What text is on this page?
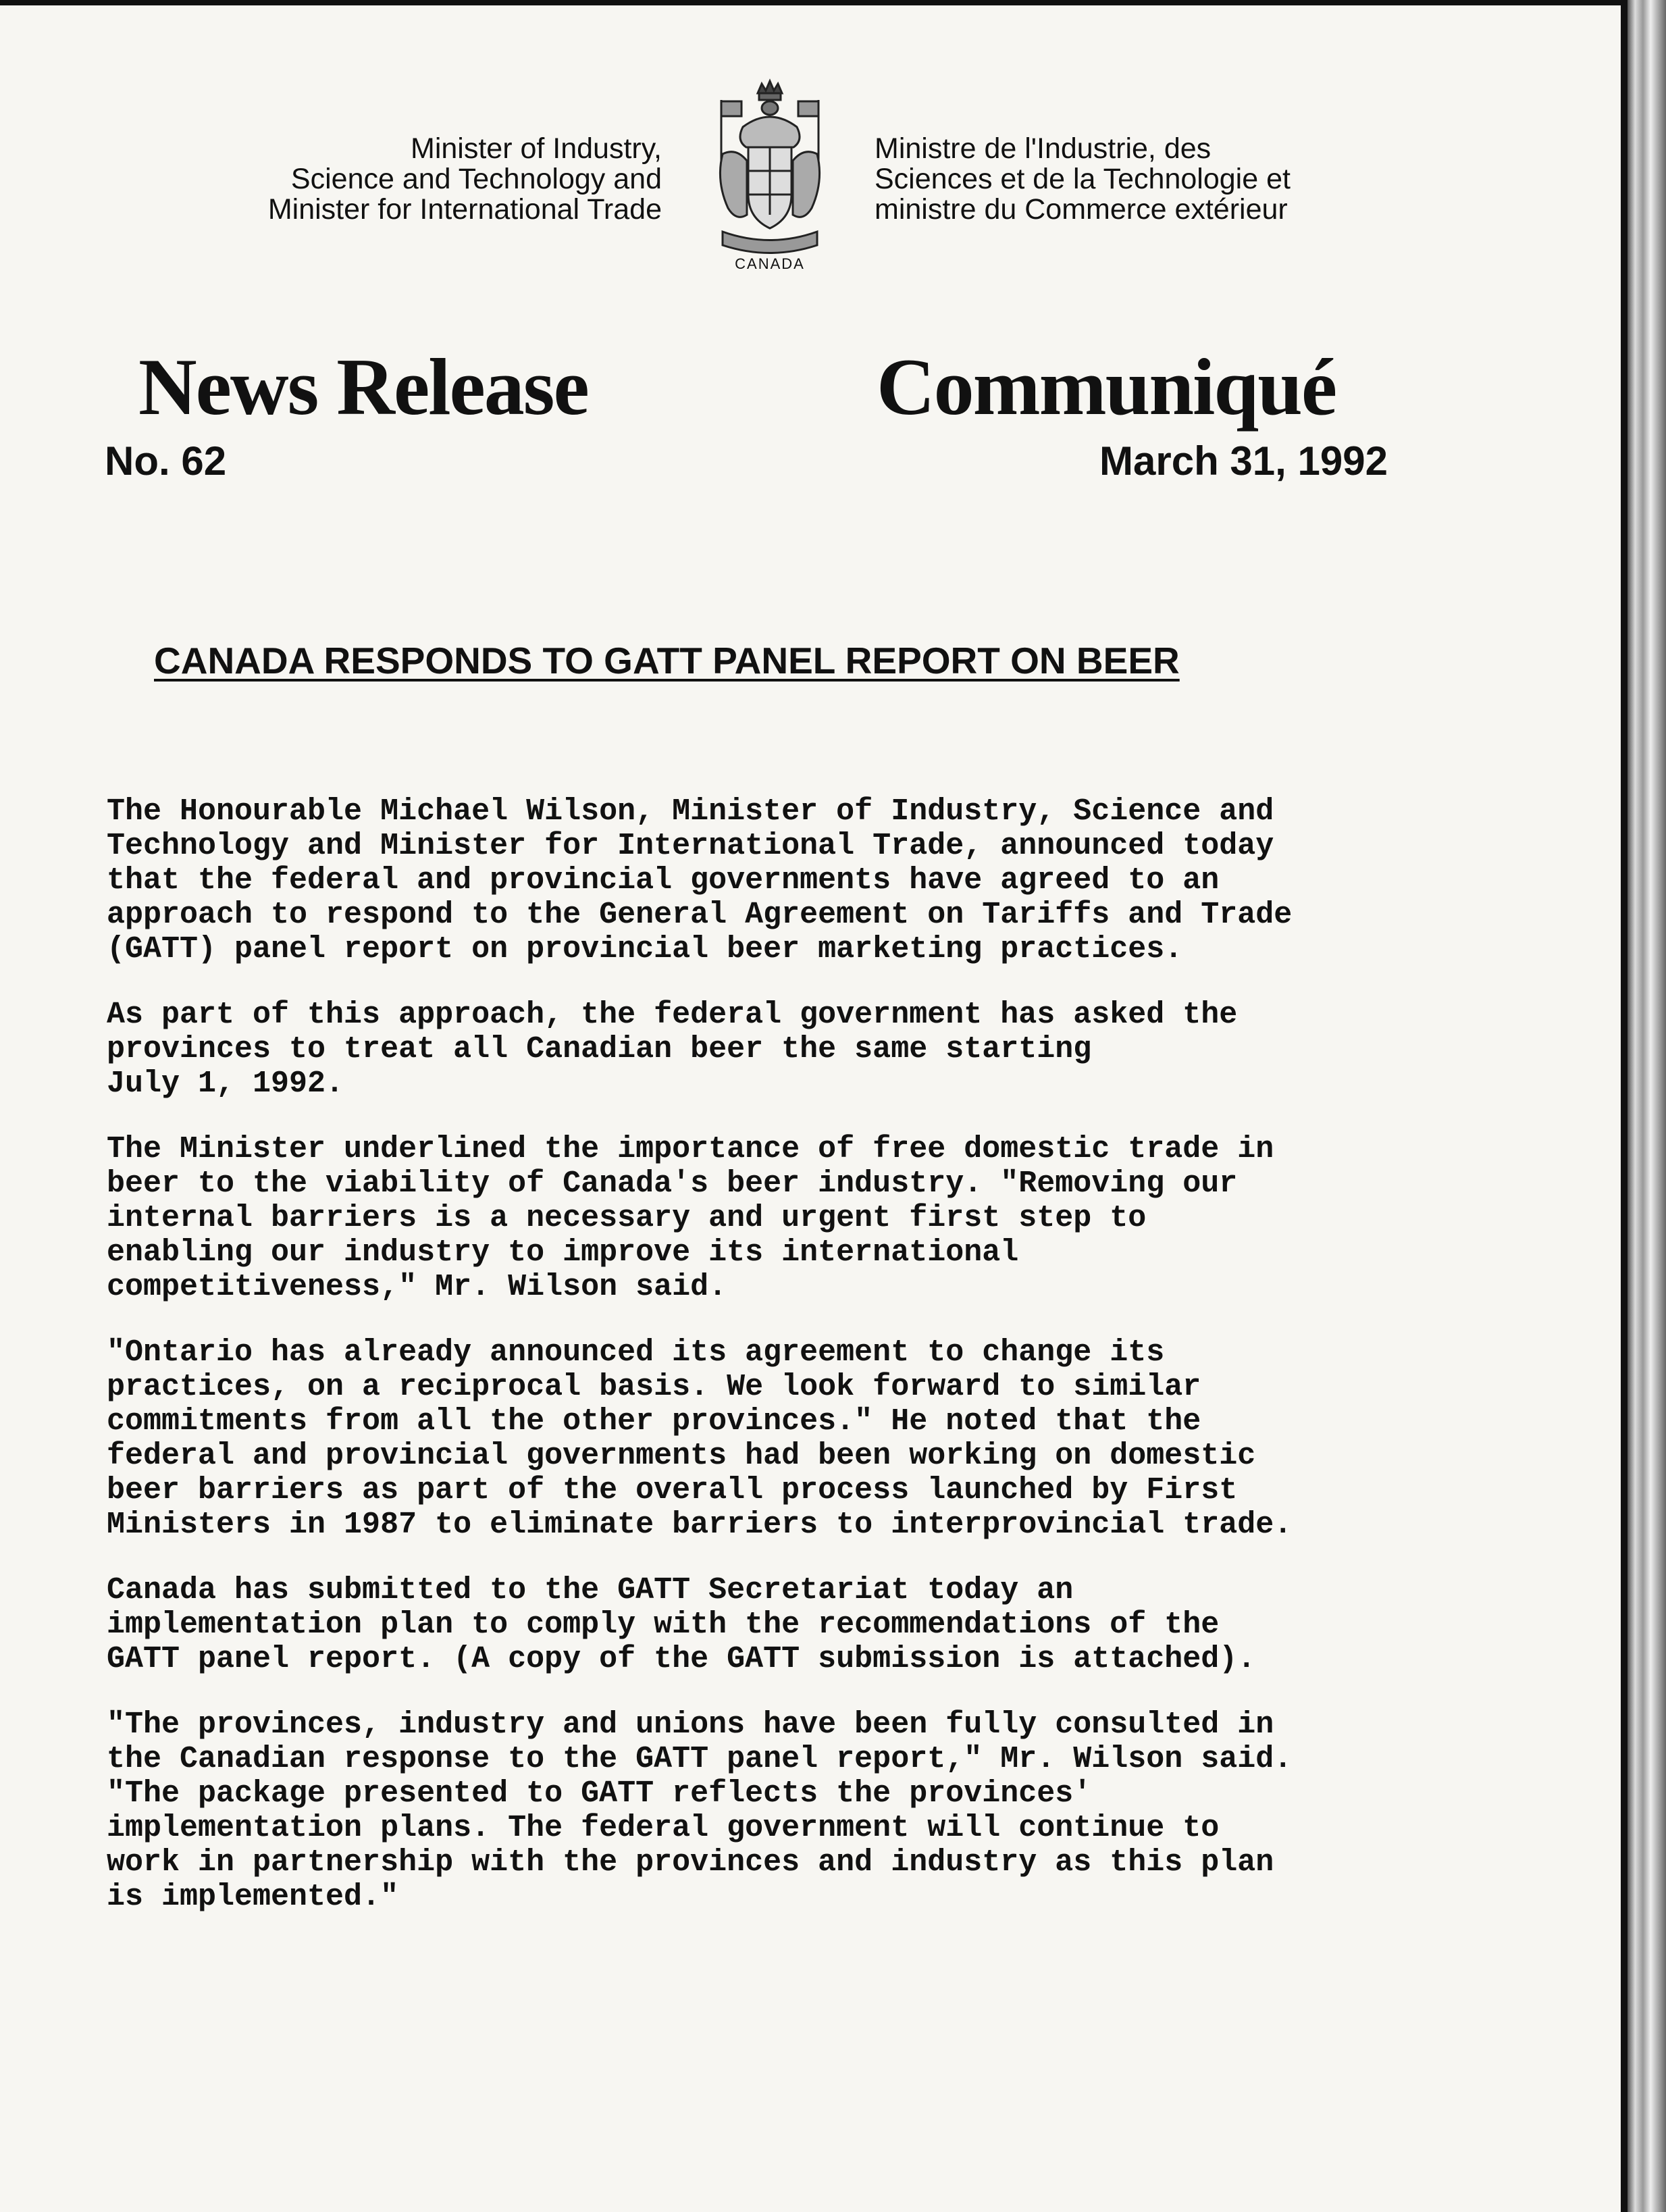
Minister of Industry,
Science and Technology and
Minister for International Trade
CANADA
Ministre de l'Industrie, des
Sciences et de la Technologie et
ministre du Commerce extérieur
News Release	Communiqué
No. 62	March 31, 1992
CANADA RESPONDS TO GATT PANEL REPORT ON BEER

The Honourable Michael Wilson, Minister of Industry, Science and
Technology and Minister for International Trade, announced today
that the federal and provincial governments have agreed to an
approach to respond to the General Agreement on Tariffs and Trade
(GATT) panel report on provincial beer marketing practices.

As part of this approach, the federal government has asked the
provinces to treat all Canadian beer the same starting
July 1, 1992.

The Minister underlined the importance of free domestic trade in
beer to the viability of Canada's beer industry. "Removing our
internal barriers is a necessary and urgent first step to
enabling our industry to improve its international
competitiveness," Mr. Wilson said.

"Ontario has already announced its agreement to change its
practices, on a reciprocal basis. We look forward to similar
commitments from all the other provinces." He noted that the
federal and provincial governments had been working on domestic
beer barriers as part of the overall process launched by First
Ministers in 1987 to eliminate barriers to interprovincial trade.

Canada has submitted to the GATT Secretariat today an
implementation plan to comply with the recommendations of the
GATT panel report. (A copy of the GATT submission is attached).

"The provinces, industry and unions have been fully consulted in
the Canadian response to the GATT panel report," Mr. Wilson said.
"The package presented to GATT reflects the provinces'
implementation plans. The federal government will continue to
work in partnership with the provinces and industry as this plan
is implemented."
